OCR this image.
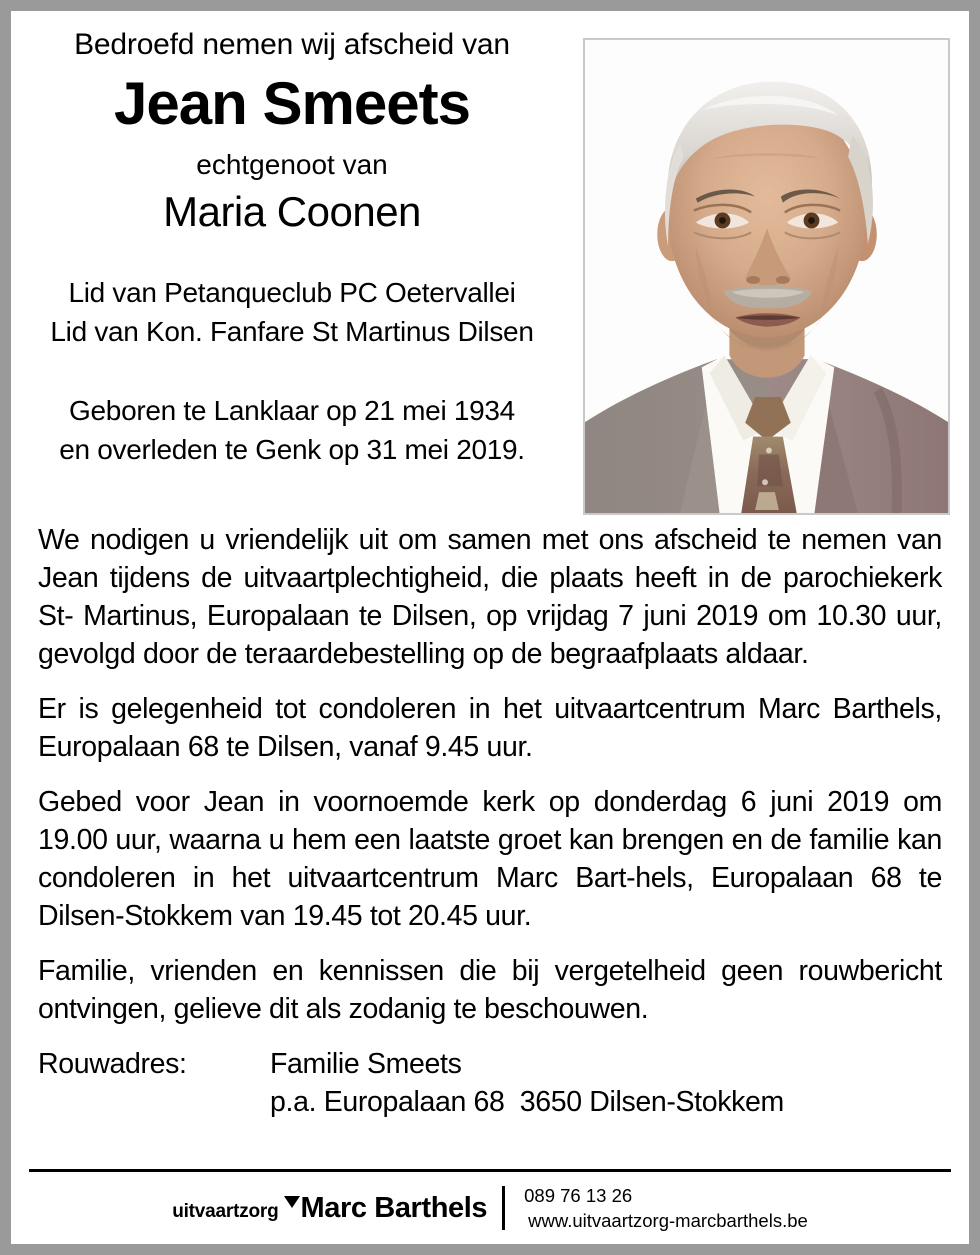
Bedroefd nemen wij afscheid van
Jean Smeets
echtgenoot van
Maria Coonen
Lid van Petanqueclub PC Oetervallei
Lid van Kon. Fanfare St Martinus Dilsen
Geboren te Lanklaar op 21 mei 1934
en overleden te Genk op 31 mei 2019.

We nodigen u vriendelijk uit om samen met ons afscheid te nemen van Jean tijdens de uitvaartplechtigheid, die plaats heeft in de parochiekerk St- Martinus, Europalaan te Dilsen, op vrijdag 7 juni 2019 om 10.30 uur, gevolgd door de teraardebestelling op de begraafplaats aldaar.

Er is gelegenheid tot condoleren in het uitvaartcentrum Marc Barthels, Europalaan 68 te Dilsen, vanaf 9.45 uur.

Gebed voor Jean in voornoemde kerk op donderdag 6 juni 2019 om 19.00 uur, waarna u hem een laatste groet kan brengen en de familie kan condoleren in het uitvaartcentrum Marc Bart-hels, Europalaan 68 te Dilsen-Stokkem van 19.45 tot 20.45 uur.

Familie, vrienden en kennissen die bij vergetelheid geen rouwbericht ontvingen, gelieve dit als zodanig te beschouwen.

Rouwadres:	Familie Smeets
p.a. Europalaan 68  3650 Dilsen-Stokkem
uitvaartzorg Marc Barthels 089 76 13 26
www.uitvaartzorg-marcbarthels.be
